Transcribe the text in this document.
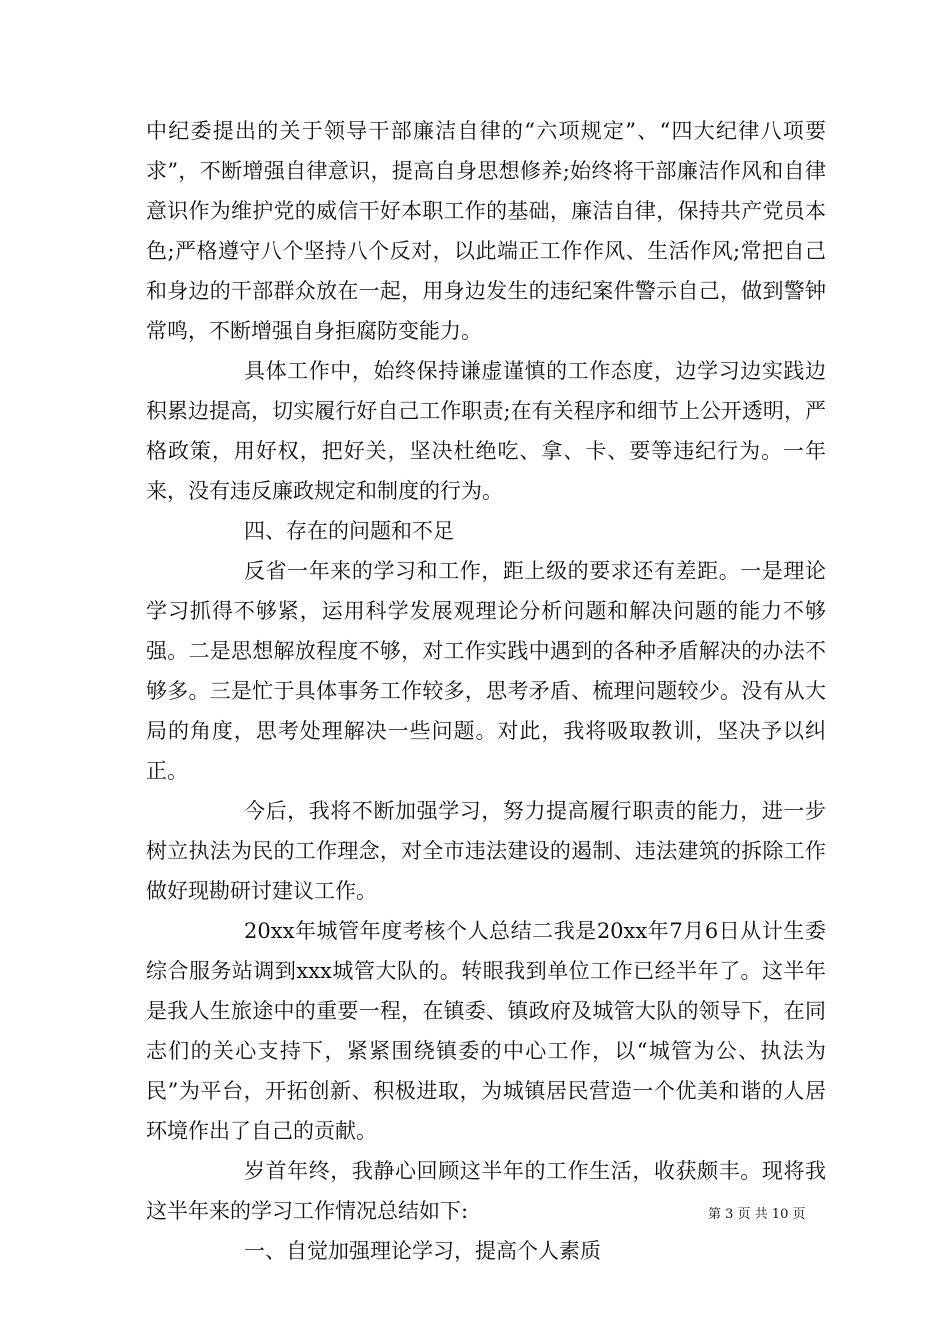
中纪委提出的关于领导干部廉洁自律的“六项规定”、“四大纪律八项要求”，不断增强自律意识，提高自身思想修养;始终将干部廉洁作风和自律意识作为维护党的威信干好本职工作的基础，廉洁自律，保持共产党员本色;严格遵守八个坚持八个反对，以此端正工作作风、生活作风;常把自己和身边的干部群众放在一起，用身边发生的违纪案件警示自己，做到警钟常鸣，不断增强自身拒腐防变能力。

具体工作中，始终保持谦虚谨慎的工作态度，边学习边实践边积累边提高，切实履行好自己工作职责;在有关程序和细节上公开透明，严格政策，用好权，把好关，坚决杜绝吃、拿、卡、要等违纪行为。一年来，没有违反廉政规定和制度的行为。

四、存在的问题和不足

反省一年来的学习和工作，距上级的要求还有差距。一是理论学习抓得不够紧，运用科学发展观理论分析问题和解决问题的能力不够强。二是思想解放程度不够，对工作实践中遇到的各种矛盾解决的办法不够多。三是忙于具体事务工作较多，思考矛盾、梳理问题较少。没有从大局的角度，思考处理解决一些问题。对此，我将吸取教训，坚决予以纠正。

今后，我将不断加强学习，努力提高履行职责的能力，进一步树立执法为民的工作理念，对全市违法建设的遏制、违法建筑的拆除工作做好现勘研讨建议工作。

20xx年城管年度考核个人总结二我是20xx年7月6日从计生委综合服务站调到xxx城管大队的。转眼我到单位工作已经半年了。这半年是我人生旅途中的重要一程，在镇委、镇政府及城管大队的领导下，在同志们的关心支持下，紧紧围绕镇委的中心工作，以“城管为公、执法为民”为平台，开拓创新、积极进取，为城镇居民营造一个优美和谐的人居环境作出了自己的贡献。

岁首年终，我静心回顾这半年的工作生活，收获颇丰。现将我这半年来的学习工作情况总结如下:

一、自觉加强理论学习，提高个人素质

第 3 页 共 10 页
